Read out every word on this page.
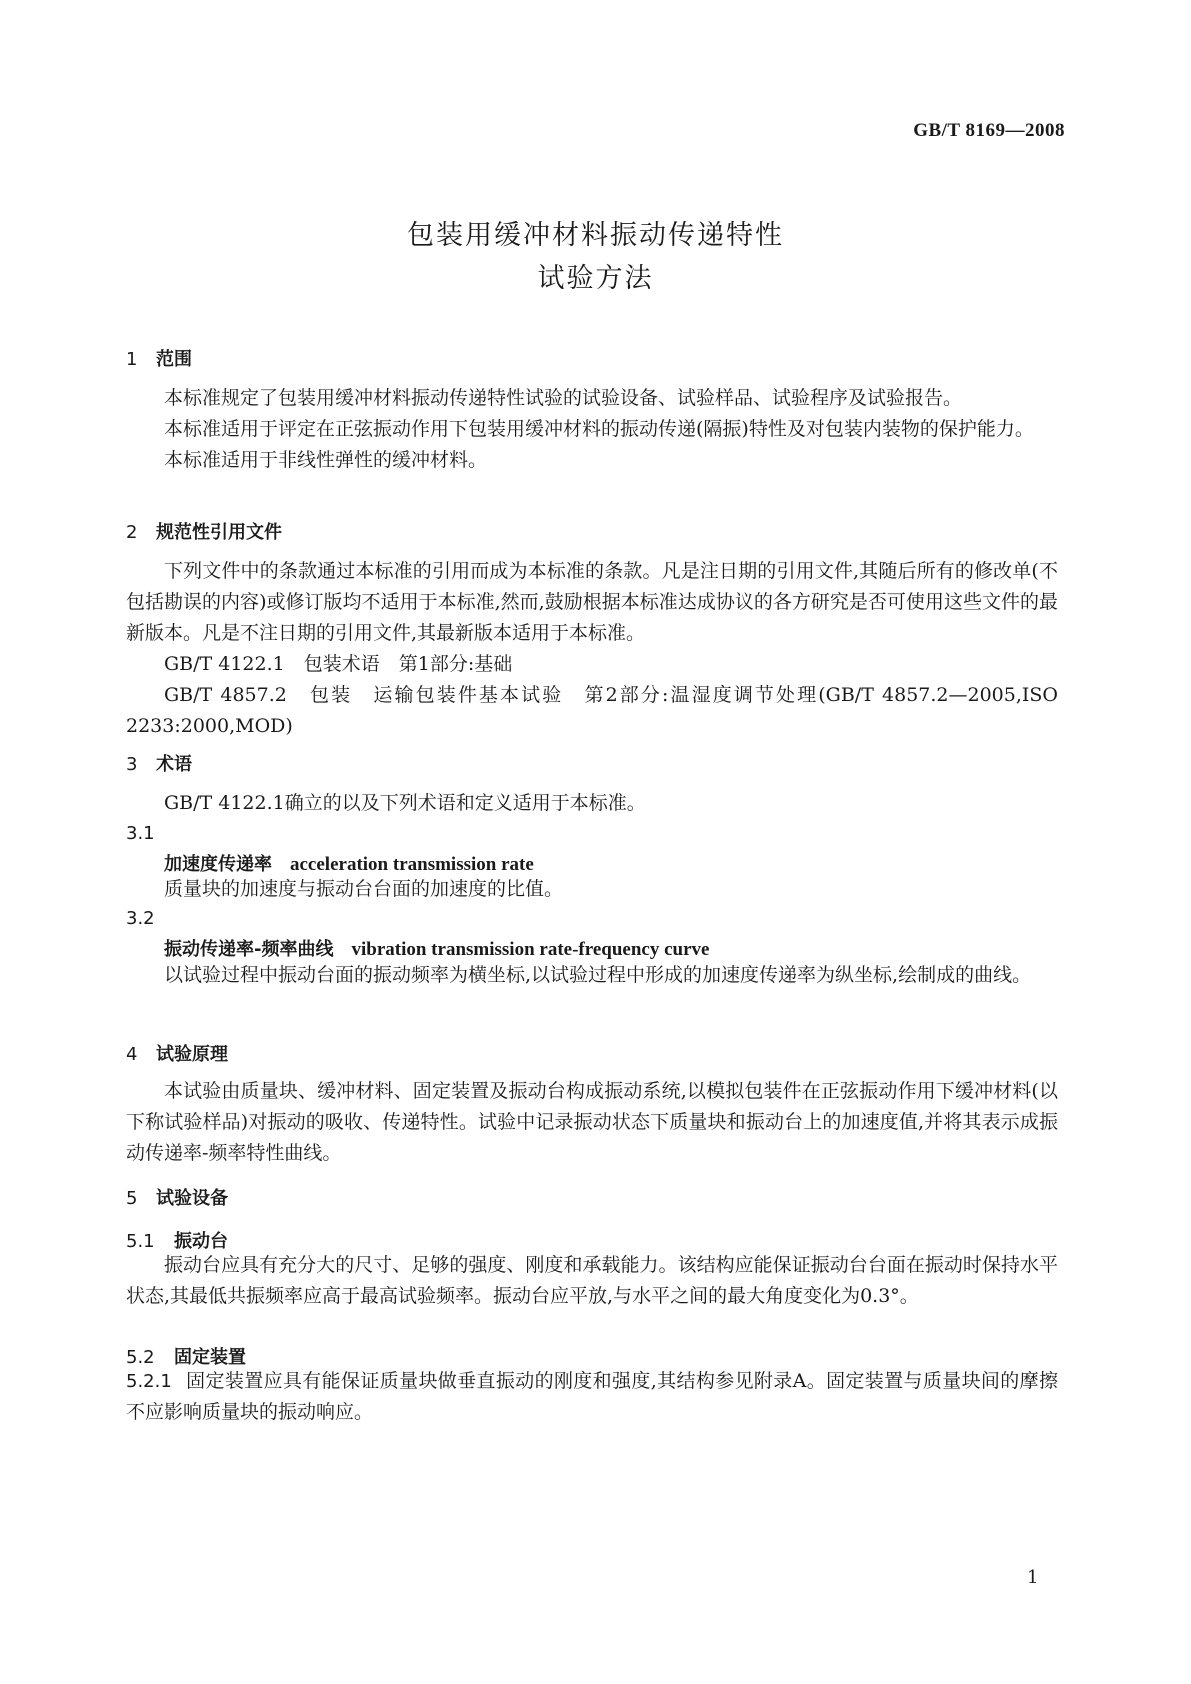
GB/T 8169—2008
包装用缓冲材料振动传递特性
试验方法
1 范围

本标准规定了包装用缓冲材料振动传递特性试验的试验设备、试验样品、试验程序及试验报告。

本标准适用于评定在正弦振动作用下包装用缓冲材料的振动传递(隔振)特性及对包装内装物的保护能力。

本标准适用于非线性弹性的缓冲材料。

2 规范性引用文件

下列文件中的条款通过本标准的引用而成为本标准的条款。凡是注日期的引用文件,其随后所有的修改单(不包括勘误的内容)或修订版均不适用于本标准,然而,鼓励根据本标准达成协议的各方研究是否可使用这些文件的最新版本。凡是不注日期的引用文件,其最新版本适用于本标准。

GB/T 4122.1　包装术语　第1部分:基础

GB/T 4857.2　包装　运输包装件基本试验　第2部分:温湿度调节处理(GB/T 4857.2—2005,ISO 2233:2000,MOD)

3 术语

GB/T 4122.1确立的以及下列术语和定义适用于本标准。

3.1
加速度传递率 acceleration transmission rate

质量块的加速度与振动台台面的加速度的比值。

3.2
振动传递率-频率曲线 vibration transmission rate-frequency curve

以试验过程中振动台面的振动频率为横坐标,以试验过程中形成的加速度传递率为纵坐标,绘制成的曲线。

4 试验原理

本试验由质量块、缓冲材料、固定装置及振动台构成振动系统,以模拟包装件在正弦振动作用下缓冲材料(以下称试验样品)对振动的吸收、传递特性。试验中记录振动状态下质量块和振动台上的加速度值,并将其表示成振动传递率-频率特性曲线。

5 试验设备
5.1 振动台

振动台应具有充分大的尺寸、足够的强度、刚度和承载能力。该结构应能保证振动台台面在振动时保持水平状态,其最低共振频率应高于最高试验频率。振动台应平放,与水平之间的最大角度变化为0.3°。

5.2 固定装置

5.2.1 固定装置应具有能保证质量块做垂直振动的刚度和强度,其结构参见附录A。固定装置与质量块间的摩擦不应影响质量块的振动响应。

1
